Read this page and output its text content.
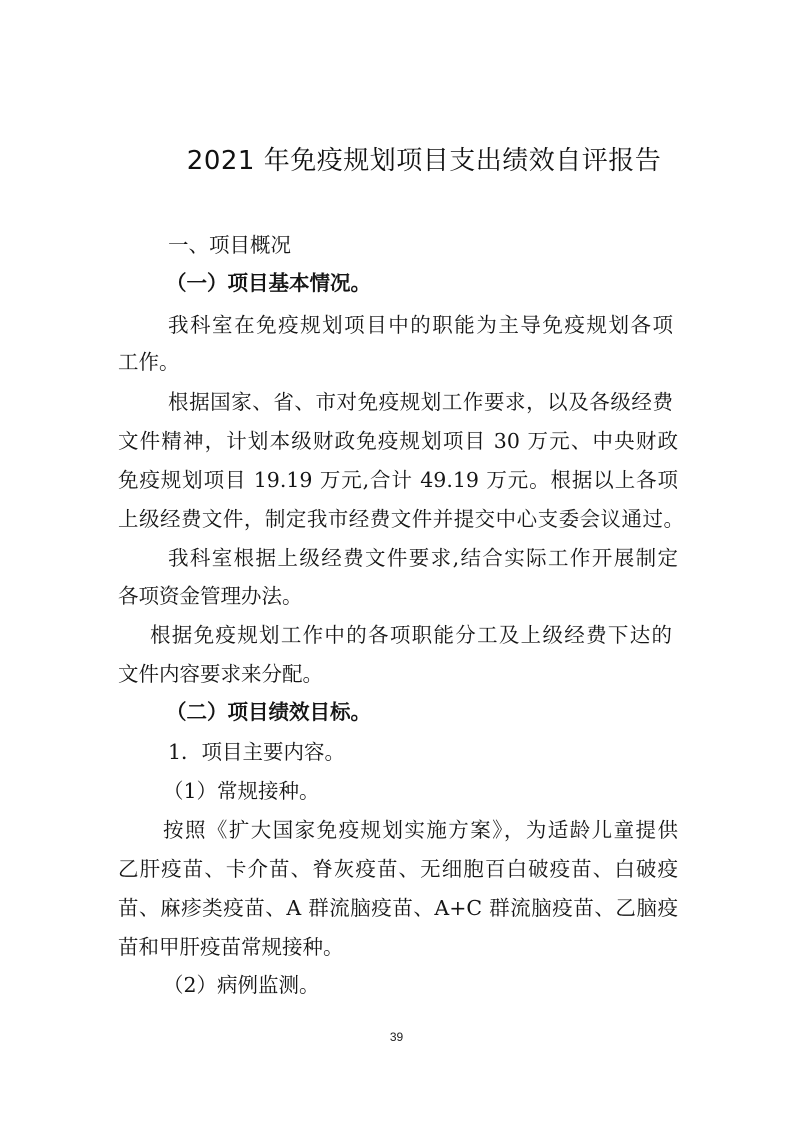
2021 年免疫规划项目支出绩效自评报告
一、项目概况
（一）项目基本情况。
我科室在免疫规划项目中的职能为主导免疫规划各项
工作。
根据国家、省、市对免疫规划工作要求，以及各级经费
文件精神，计划本级财政免疫规划项目 30 万元、中央财政
免疫规划项目 19.19 万元,合计 49.19 万元。根据以上各项
上级经费文件，制定我市经费文件并提交中心支委会议通过。
我科室根据上级经费文件要求,结合实际工作开展制定
各项资金管理办法。
根据免疫规划工作中的各项职能分工及上级经费下达的
文件内容要求来分配。
（二）项目绩效目标。
1．项目主要内容。
（1）常规接种。
按照《扩大国家免疫规划实施方案》，为适龄儿童提供
乙肝疫苗、卡介苗、脊灰疫苗、无细胞百白破疫苗、白破疫
苗、麻疹类疫苗、A 群流脑疫苗、A+C 群流脑疫苗、乙脑疫
苗和甲肝疫苗常规接种。
（2）病例监测。
39
